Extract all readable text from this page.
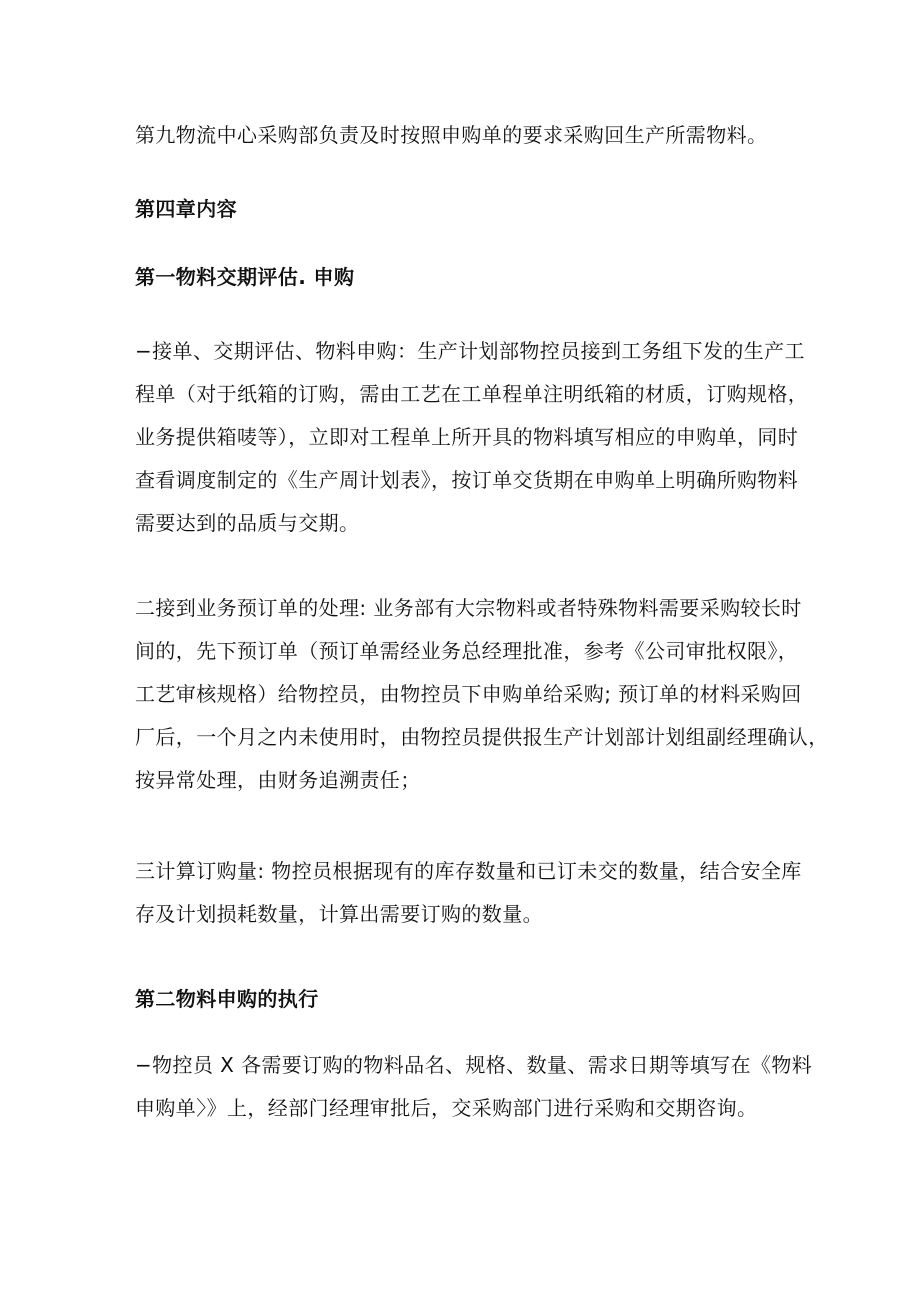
第九物流中心采购部负责及时按照申购单的要求采购回生产所需物料。
第四章内容
第一物料交期评估. 申购
−接单、交期评估、物料申购：生产计划部物控员接到工务组下发的生产工
程单（对于纸箱的订购，需由工艺在工单程单注明纸箱的材质，订购规格，
业务提供箱唛等），立即对工程单上所开具的物料填写相应的申购单，同时
查看调度制定的《生产周计划表》，按订单交货期在申购单上明确所购物料
需要达到的品质与交期。
二接到业务预订单的处理: 业务部有大宗物料或者特殊物料需要采购较长时
间的，先下预订单（预订单需经业务总经理批准，参考《公司审批权限》，
工艺审核规格）给物控员，由物控员下申购单给采购; 预订单的材料采购回
厂后，一个月之内未使用时，由物控员提供报生产计划部计划组副经理确认，
按异常处理，由财务追溯责任；
三计算订购量: 物控员根据现有的库存数量和已订未交的数量，结合安全库
存及计划损耗数量，计算出需要订购的数量。
第二物料申购的执行
−物控员 X 各需要订购的物料品名、规格、数量、需求日期等填写在《物料
申购单〉》上，经部门经理审批后，交采购部门进行采购和交期咨询。
